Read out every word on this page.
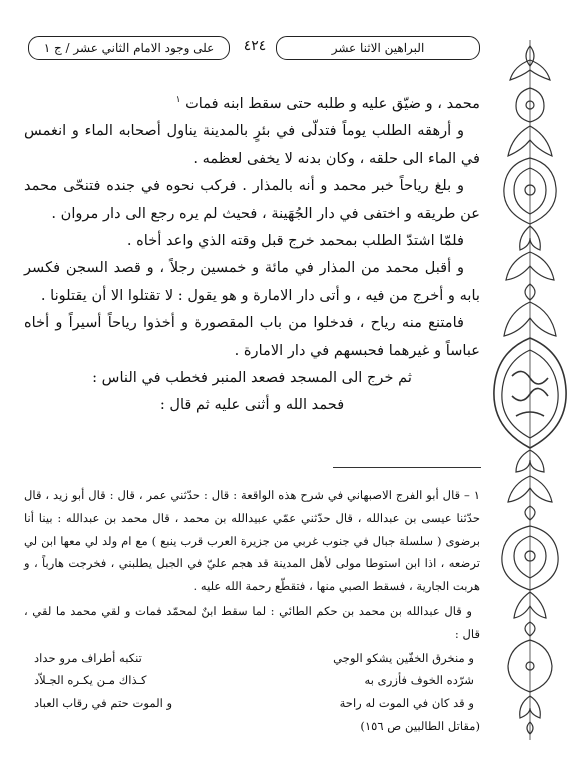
البراهين الاثنا عشر
٤٢٤
على وجود الامام الثاني عشر / ج ١

محمد ، و ضيّق عليه و طلبه حتى سقط ابنه فمات $^١$

و أرهقه الطلب يوماً فتدلّى في بئرٍ بالمدينة يناول أصحابه الماء و انغمس في الماء الى حلقه ، وكان بدنه لا يخفى لعظمه .

و بلغ رياحاً خبر محمد و أنه بالمذار . فركب نحوه في جنده فتنحّى محمد عن طريقه و اختفى في دار الجُهَينة ، فحيث لم يره رجع الى دار مروان .

فلمّا اشتدّ الطلب بمحمد خرج قبل وقته الذي واعد أخاه .

و أقبل محمد من المذار في مائة و خمسين رجلاً ، و قصد السجن فكسر بابه و أخرج من فيه ، و أتى دار الامارة و هو يقول : لا تقتلوا الا أن يقتلونا .

فامتنع منه رياح ، فدخلوا من باب المقصورة و أخذوا رياحاً أسيراً و أخاه عباساً و غيرهما فحبسهم في دار الامارة .

ثم خرج الى المسجد فصعد المنبر فخطب في الناس :

فحمد الله و أثنى عليه ثم قال :

١ – قال أبو الفرج الاصبهاني في شرح هذه الواقعة : قال : حدّثني عمر ، قال : قال أبو زيد ، قال حدّثنا عيسى بن عبدالله ، قال حدّثني عمّي عبيدالله بن محمد ، قال محمد بن عبدالله : بينا أنا برضوى ( سلسلة جبال في جنوب غربي من جزيرة العرب قرب ينبع ) مع ام ولد لي معها ابن لي ترضعه ، اذا ابن استوطا مولى لأهل المدينة قد هجم عليّ في الجبل يطلبني ، فخرجت هارباً ، و هربت الجارية ، فسقط الصبي منها ، فتقطّع رحمة الله عليه .

و قال عبدالله بن محمد بن حكم الطائي : لما سقط ابنٌ لمحمّد فمات و لقي محمد ما لقي ، قال :

و منخرق الخفّين يشكو الوجي
تنكبه أطراف مرو حداد
شرّده الخوف فأزرى به
كـذاك مـن يكـره الجـلاّد
و قد كان في الموت له راحة
و الموت حتم في رقاب العباد

(مقاتل الطالبين ص ١٥٦)
